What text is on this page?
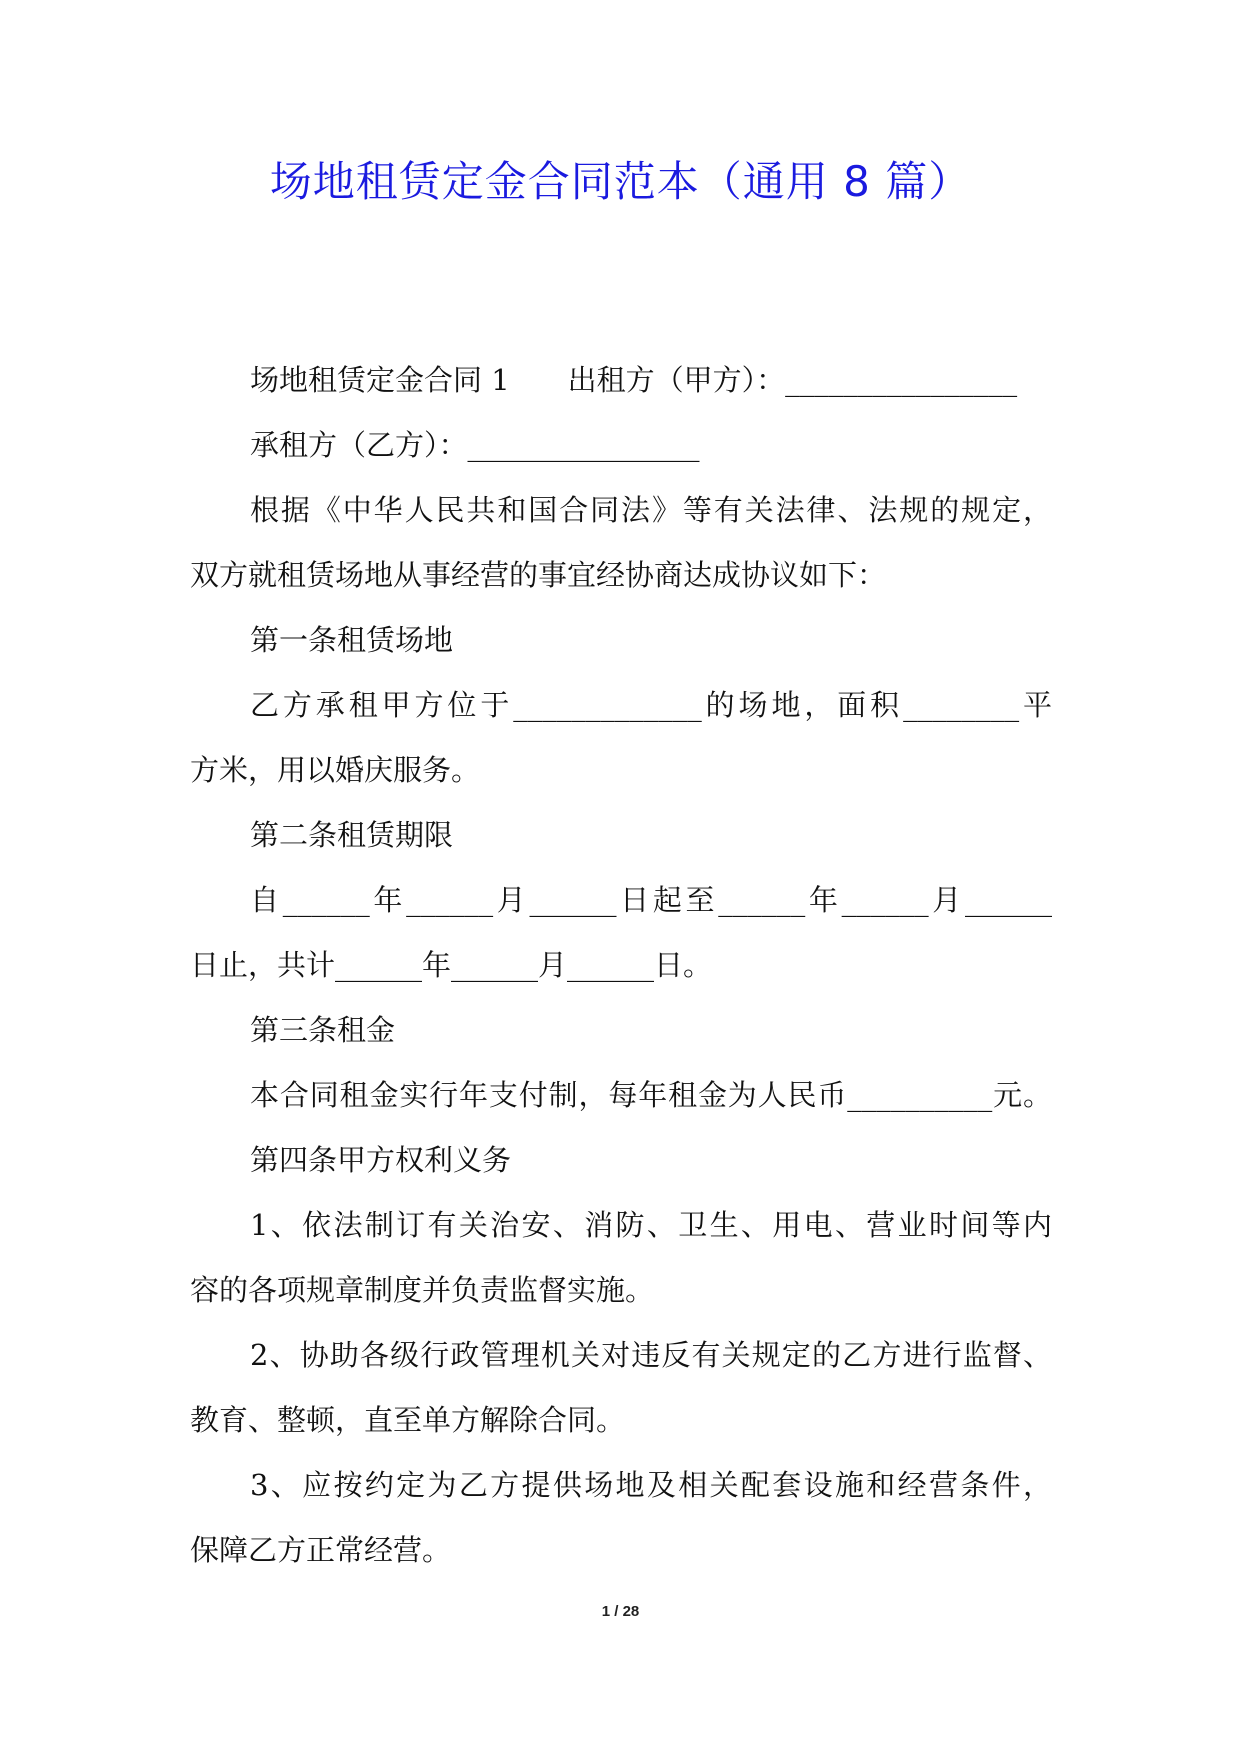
场地租赁定金合同范本（通用 8 篇）
场地租赁定金合同 1 出租方（甲方）：________________
承租方（乙方）：________________
根据《中华人民共和国合同法》等有关法律、法规的规定，
双方就租赁场地从事经营的事宜经协商达成协议如下：
第一条租赁场地
乙方承租甲方位于_____________的场地，面积________平
方米，用以婚庆服务。
第二条租赁期限
自______年______月______日起至______年______月______
日止，共计______年______月______日。
第三条租金
本合同租金实行年支付制，每年租金为人民币__________元。
第四条甲方权利义务
1、依法制订有关治安、消防、卫生、用电、营业时间等内
容的各项规章制度并负责监督实施。
2、协助各级行政管理机关对违反有关规定的乙方进行监督、
教育、整顿，直至单方解除合同。
3、应按约定为乙方提供场地及相关配套设施和经营条件，
保障乙方正常经营。
1 / 28
